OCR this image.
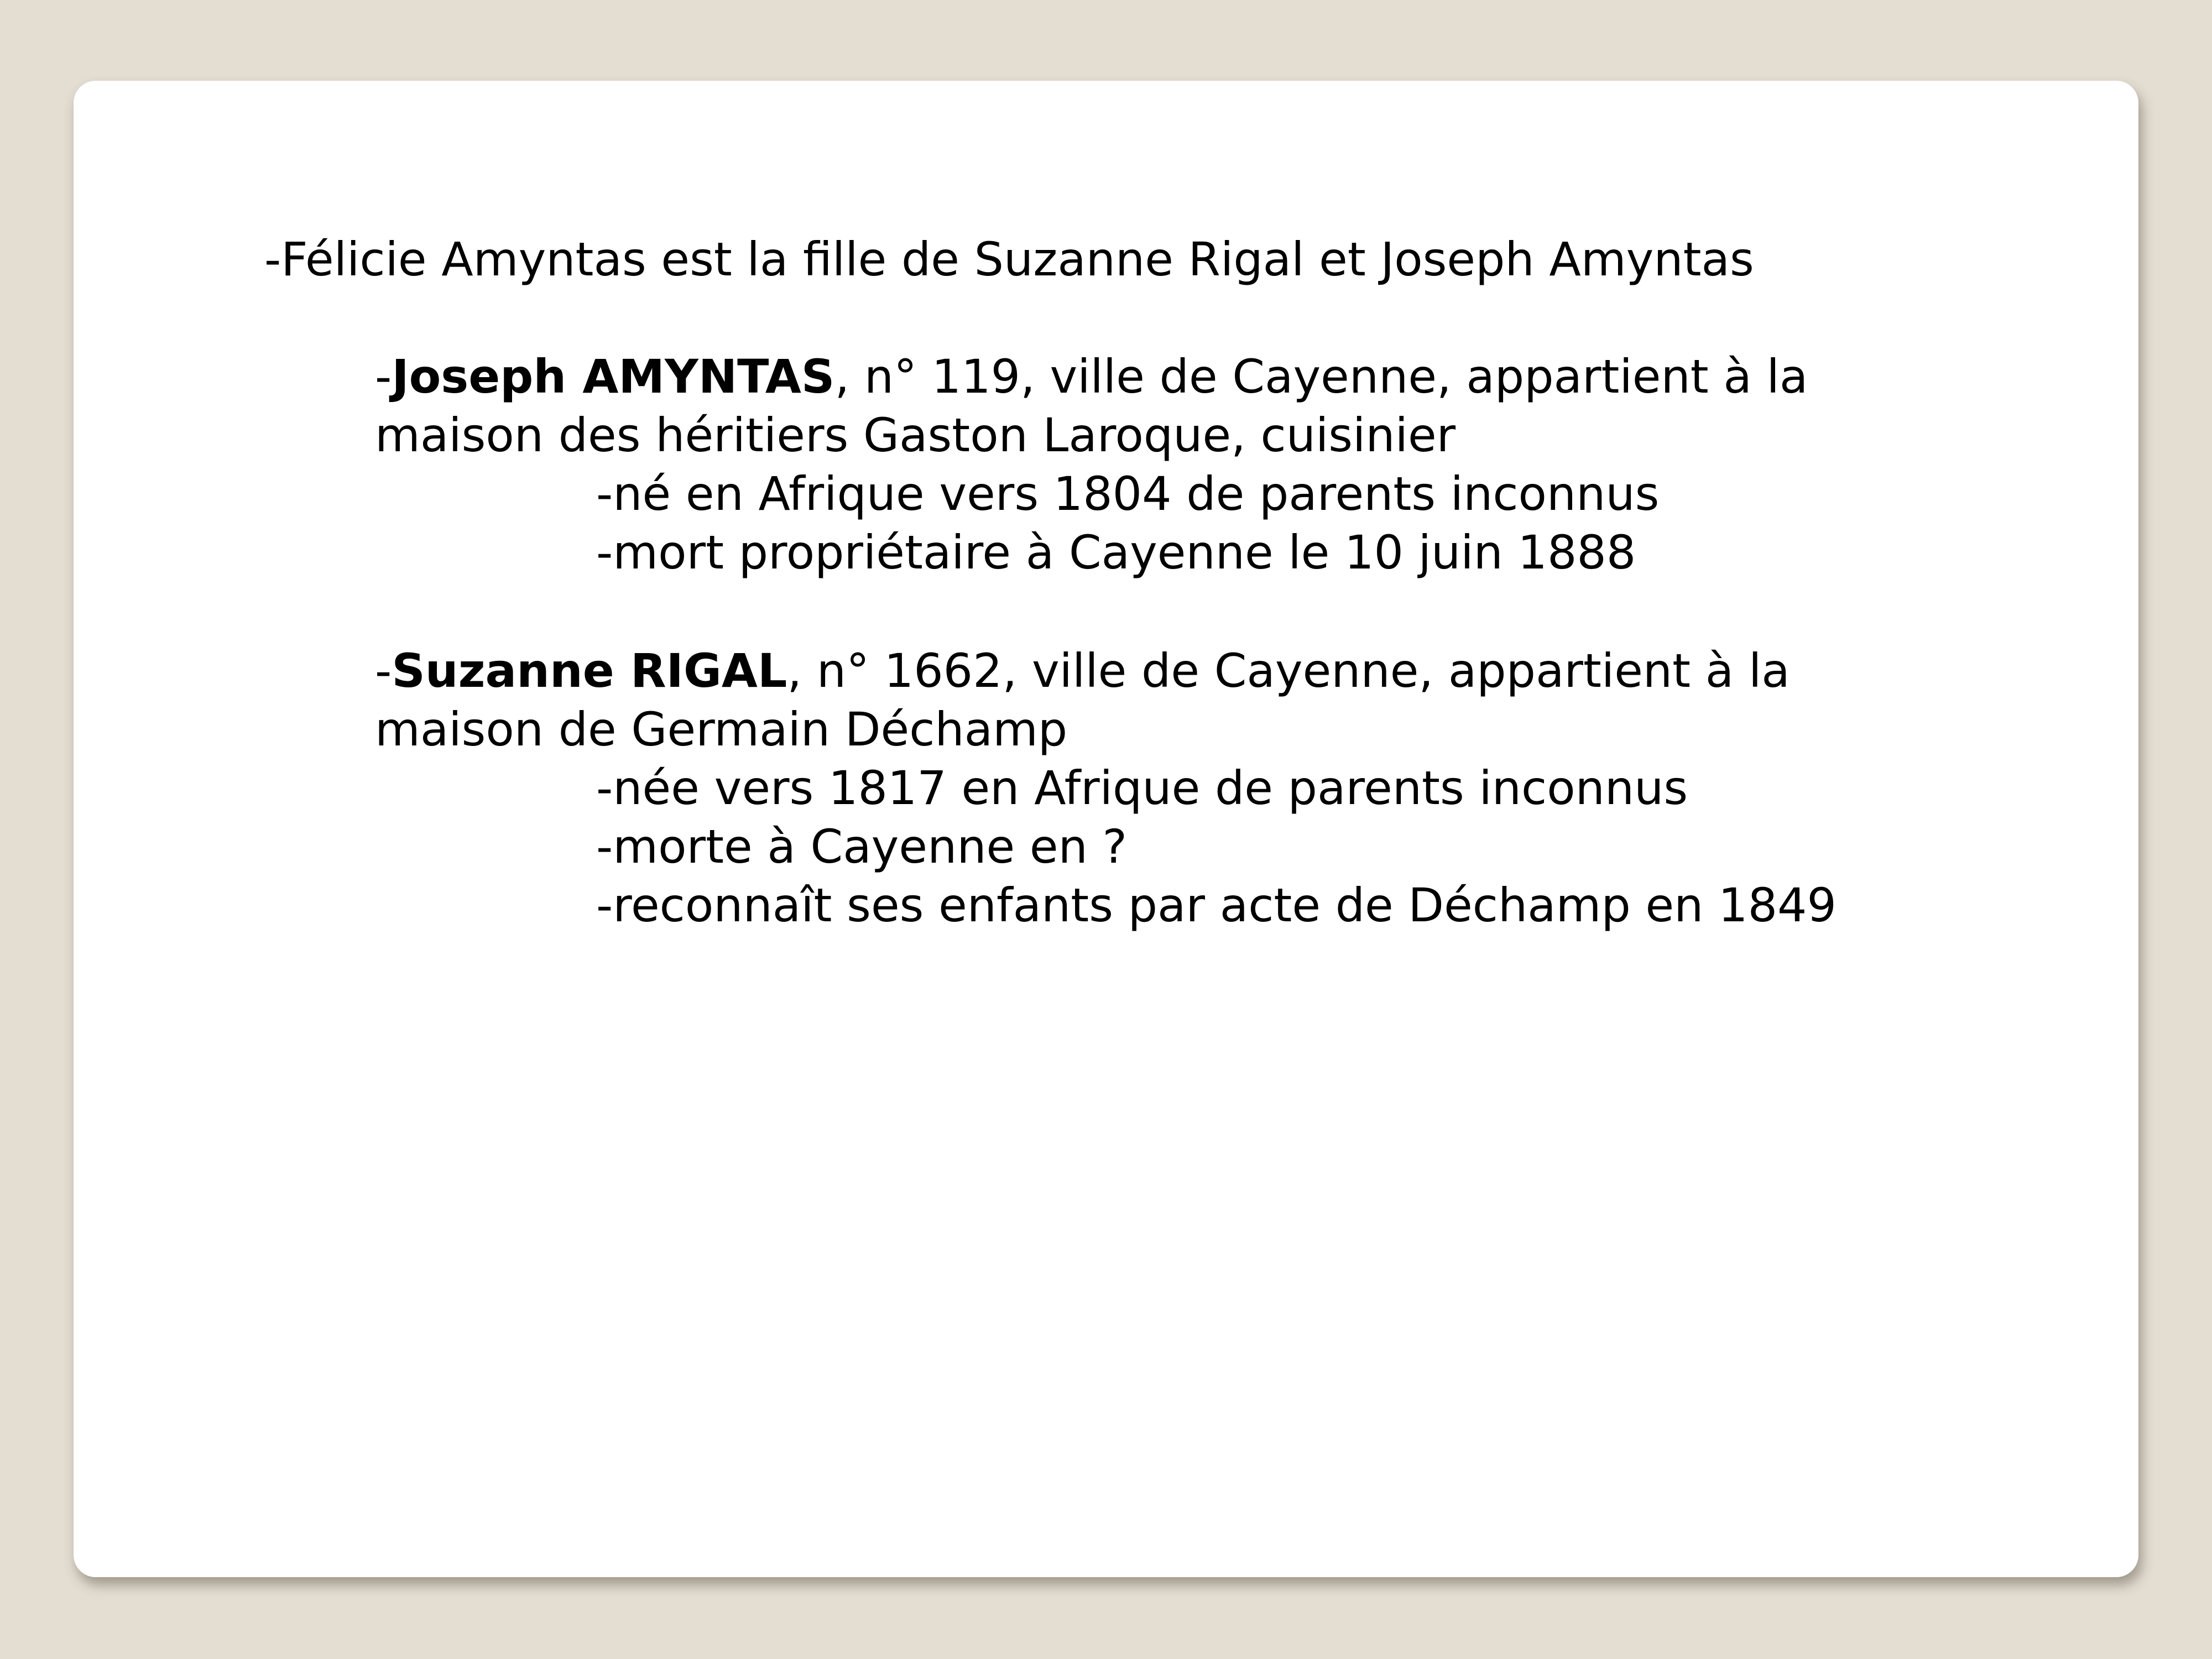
-Félicie Amyntas est la fille de Suzanne Rigal et Joseph Amyntas
-Joseph AMYNTAS, n° 119, ville de Cayenne, appartient à la
maison des héritiers Gaston Laroque, cuisinier
-né en Afrique vers 1804 de parents inconnus
-mort propriétaire à Cayenne le 10 juin 1888
-Suzanne RIGAL, n° 1662, ville de Cayenne, appartient à la
maison de Germain Déchamp
-née vers 1817 en Afrique de parents inconnus
-morte à Cayenne en ?
-reconnaît ses enfants par acte de Déchamp en 1849
